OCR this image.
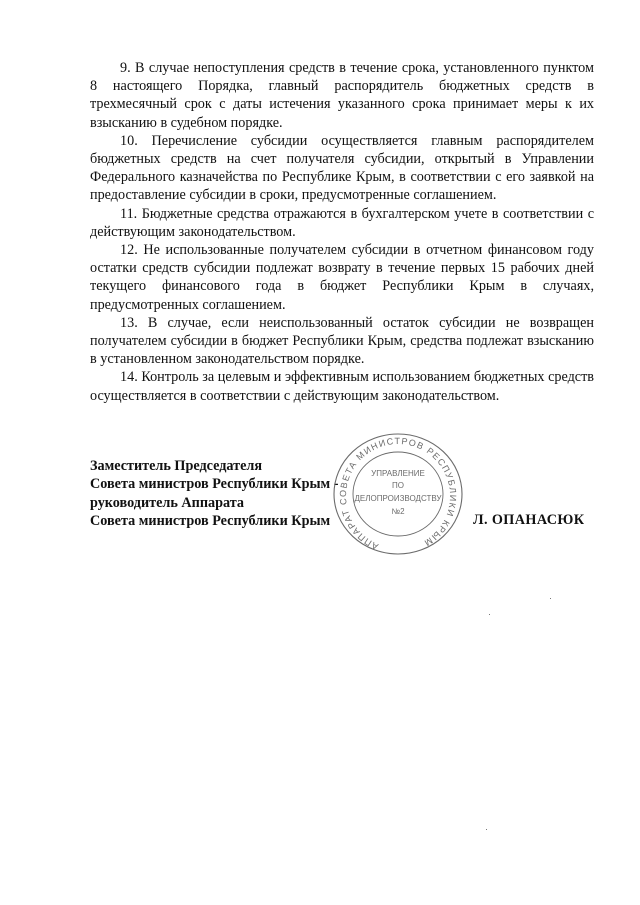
9. В случае непоступления средств в течение срока, установленного пунктом 8 настоящего Порядка, главный распорядитель бюджетных средств в трехмесячный срок с даты истечения указанного срока принимает меры к их взысканию в судебном порядке.

10. Перечисление субсидии осуществляется главным распорядителем бюджетных средств на счет получателя субсидии, открытый в Управлении Федерального казначейства по Республике Крым, в соответствии с его заявкой на предоставление субсидии в сроки, предусмотренные соглашением.

11. Бюджетные средства отражаются в бухгалтерском учете в соответствии с действующим законодательством.

12. Не использованные получателем субсидии в отчетном финансовом году остатки средств субсидии подлежат возврату в течение первых 15 рабочих дней текущего финансового года в бюджет Республики Крым в случаях, предусмотренных соглашением.

13. В случае, если неиспользованный остаток субсидии не возвращен получателем субсидии в бюджет Республики Крым, средства подлежат взысканию в установленном законодательством порядке.

14. Контроль за целевым и эффективным использованием бюджетных средств осуществляется в соответствии с действующим законодательством.

Заместитель Председателя
Совета министров Республики Крым -
руководитель Аппарата
Совета министров Республики Крым	Л. ОПАНАСЮК
АППАРАТ СОВЕТА МИНИСТРОВ РЕСПУБЛИКИ КРЫМ
УПРАВЛЕНИЕ
ПО
ДЕЛОПРОИЗВОДСТВУ
№2
